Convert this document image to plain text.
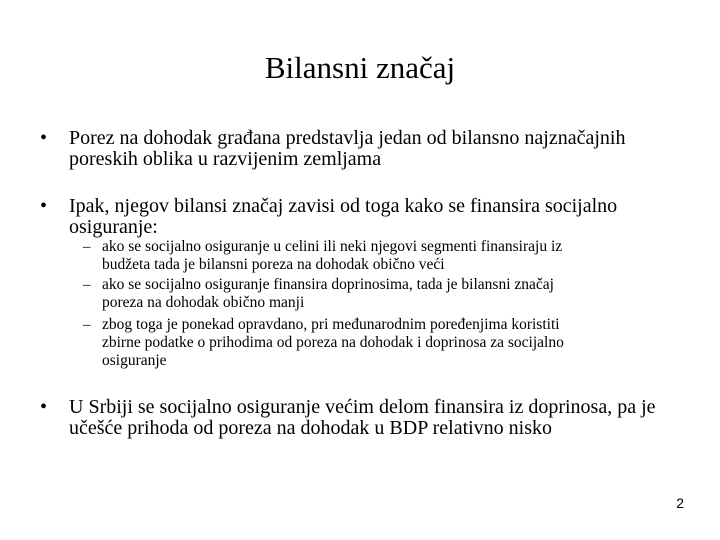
Bilansni značaj
• Porez na dohodak građana predstavlja jedan od bilansno najznačajnih
poreskih oblika u razvijenim zemljama
• Ipak, njegov bilansi značaj zavisi od toga kako se finansira socijalno
osiguranje:
– ako se socijalno osiguranje u celini ili neki njegovi segmenti finansiraju iz
budžeta tada je bilansni poreza na dohodak obično veći
– ako se socijalno osiguranje finansira doprinosima, tada je bilansni značaj
poreza na dohodak obično manji
– zbog toga je ponekad opravdano, pri međunarodnim poređenjima koristiti
zbirne podatke o prihodima od poreza na dohodak i doprinosa za socijalno
osiguranje
• U Srbiji se socijalno osiguranje većim delom finansira iz doprinosa, pa je
učešće prihoda od poreza na dohodak u BDP relativno nisko
2
